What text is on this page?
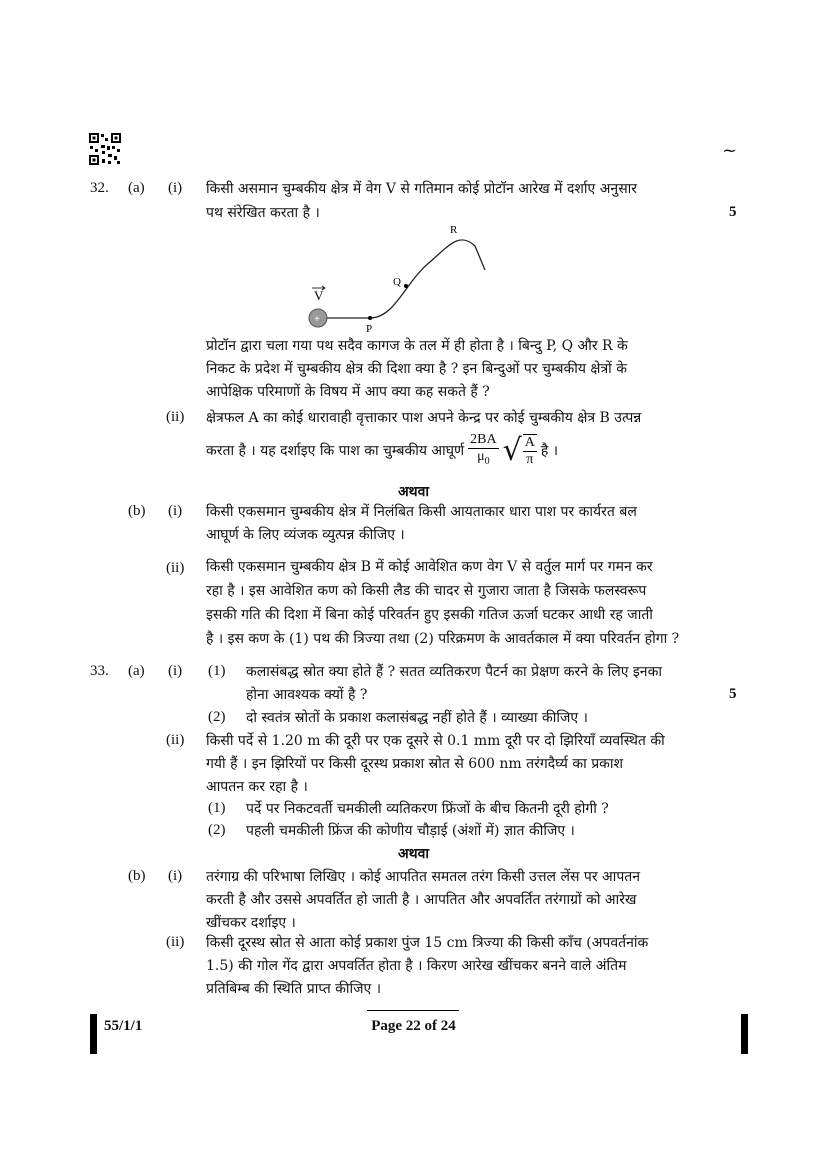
~
32. (a) (i) किसी असमान चुम्बकीय क्षेत्र में वेग V से गतिमान कोई प्रोटॉन आरेख में दर्शाए अनुसार
पथ संरेखित करता है ।	5
+
V
P
Q
R
प्रोटॉन द्वारा चला गया पथ सदैव कागज के तल में ही होता है । बिन्दु P, Q और R के
निकट के प्रदेश में चुम्बकीय क्षेत्र की दिशा क्या है ? इन बिन्दुओं पर चुम्बकीय क्षेत्रों के
आपेक्षिक परिमाणों के विषय में आप क्या कह सकते हैं ?
(ii) क्षेत्रफल A का कोई धारावाही वृत्ताकार पाश अपने केन्द्र पर कोई चुम्बकीय क्षेत्र B उत्पन्न
करता है । यह दर्शाइए कि पाश का चुम्बकीय आघूर्ण $\frac{2BA}{\mu_0}$ √ $\frac{A}{\pi}$ है ।
अथवा
(b) (i) किसी एकसमान चुम्बकीय क्षेत्र में निलंबित किसी आयताकार धारा पाश पर कार्यरत बल
आघूर्ण के लिए व्यंजक व्युत्पन्न कीजिए ।
(ii) किसी एकसमान चुम्बकीय क्षेत्र B में कोई आवेशित कण वेग V से वर्तुल मार्ग पर गमन कर
रहा है । इस आवेशित कण को किसी लैड की चादर से गुजारा जाता है जिसके फलस्वरूप
इसकी गति की दिशा में बिना कोई परिवर्तन हुए इसकी गतिज ऊर्जा घटकर आधी रह जाती
है । इस कण के (1) पथ की त्रिज्या तथा (2) परिक्रमण के आवर्तकाल में क्या परिवर्तन होगा ?
33. (a) (i) (1) कलासंबद्ध स्रोत क्या होते हैं ? सतत व्यतिकरण पैटर्न का प्रेक्षण करने के लिए इनका
होना आवश्यक क्यों है ?	5
(2) दो स्वतंत्र स्रोतों के प्रकाश कलासंबद्ध नहीं होते हैं । व्याख्या कीजिए ।
(ii) किसी पर्दे से 1.20 m की दूरी पर एक दूसरे से 0.1 mm दूरी पर दो झिरियाँ व्यवस्थित की
गयी हैं । इन झिरियों पर किसी दूरस्थ प्रकाश स्रोत से 600 nm तरंगदैर्घ्य का प्रकाश
आपतन कर रहा है ।
(1) पर्दे पर निकटवर्ती चमकीली व्यतिकरण फ्रिंजों के बीच कितनी दूरी होगी ?
(2) पहली चमकीली फ्रिंज की कोणीय चौड़ाई (अंशों में) ज्ञात कीजिए ।
अथवा
(b) (i) तरंगाग्र की परिभाषा लिखिए । कोई आपतित समतल तरंग किसी उत्तल लेंस पर आपतन
करती है और उससे अपवर्तित हो जाती है । आपतित और अपवर्तित तरंगाग्रों को आरेख
खींचकर दर्शाइए ।
(ii) किसी दूरस्थ स्रोत से आता कोई प्रकाश पुंज 15 cm त्रिज्या की किसी काँच (अपवर्तनांक
1.5) की गोल गेंद द्वारा अपवर्तित होता है । किरण आरेख खींचकर बनने वाले अंतिम
प्रतिबिम्ब की स्थिति प्राप्त कीजिए ।
55/1/1	Page 22 of 24
